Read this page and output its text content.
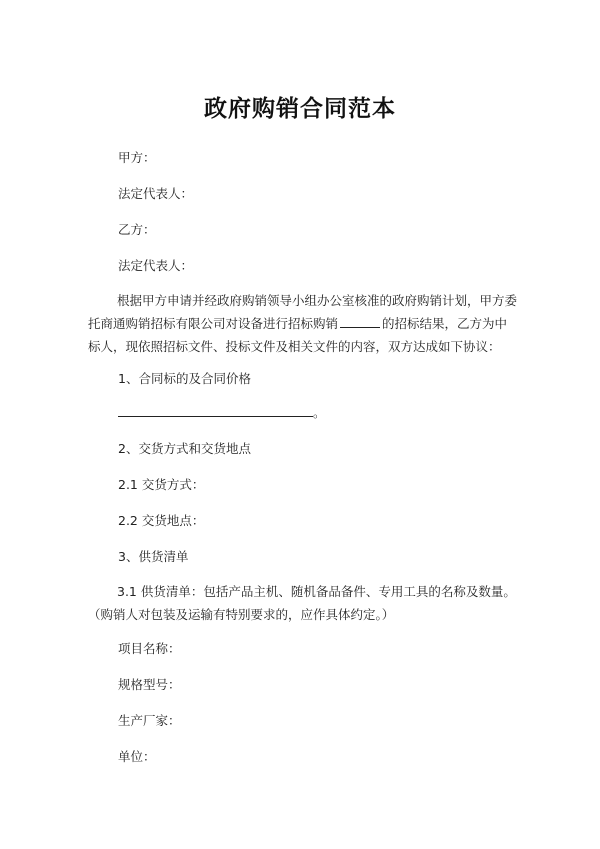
政府购销合同范本
甲方：
法定代表人：
乙方：
法定代表人：
根据甲方申请并经政府购销领导小组办公室核准的政府购销计划，甲方委托商通购销招标有限公司对设备进行招标购销	的招标结果，乙方为中标人，现依照招标文件、投标文件及相关文件的内容，双方达成如下协议：
1、合同标的及合同价格
。
2、交货方式和交货地点
2.1 交货方式：
2.2 交货地点：
3、供货清单
3.1 供货清单：包括产品主机、随机备品备件、专用工具的名称及数量。（购销人对包装及运输有特别要求的，应作具体约定。）
项目名称：
规格型号：
生产厂家：
单位：
